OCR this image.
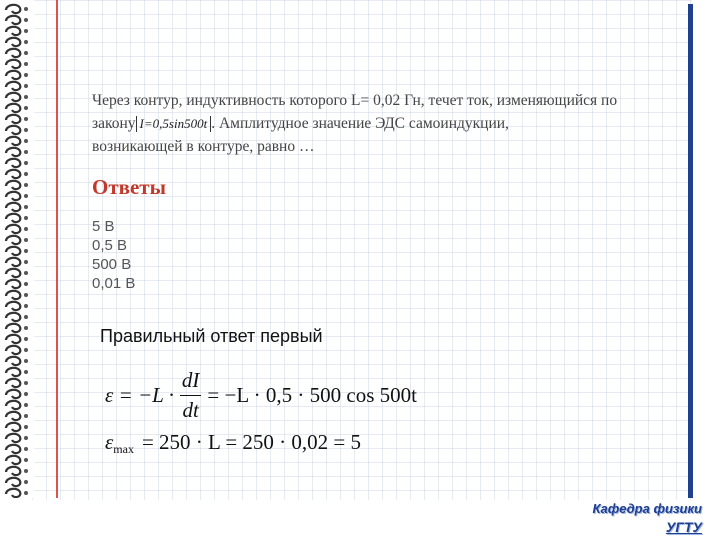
Через контур, индуктивность которого L= 0,02 Гн, течет ток, изменяющийся по
закону I=0,5sin500t . Амплитудное значение ЭДС самоиндукции,
возникающей в контуре, равно …
Ответы
5 В
0,5 В
500 В
0,01 В
Правильный ответ первый
$\varepsilon = -L \cdot \frac{dI}{dt} = -L \cdot 0,5 \cdot 500$ cos 500t
$\varepsilon_{max} = 250 \cdot L = 250 \cdot 0,02 = 5$
Кафедра физики
УГТУ
